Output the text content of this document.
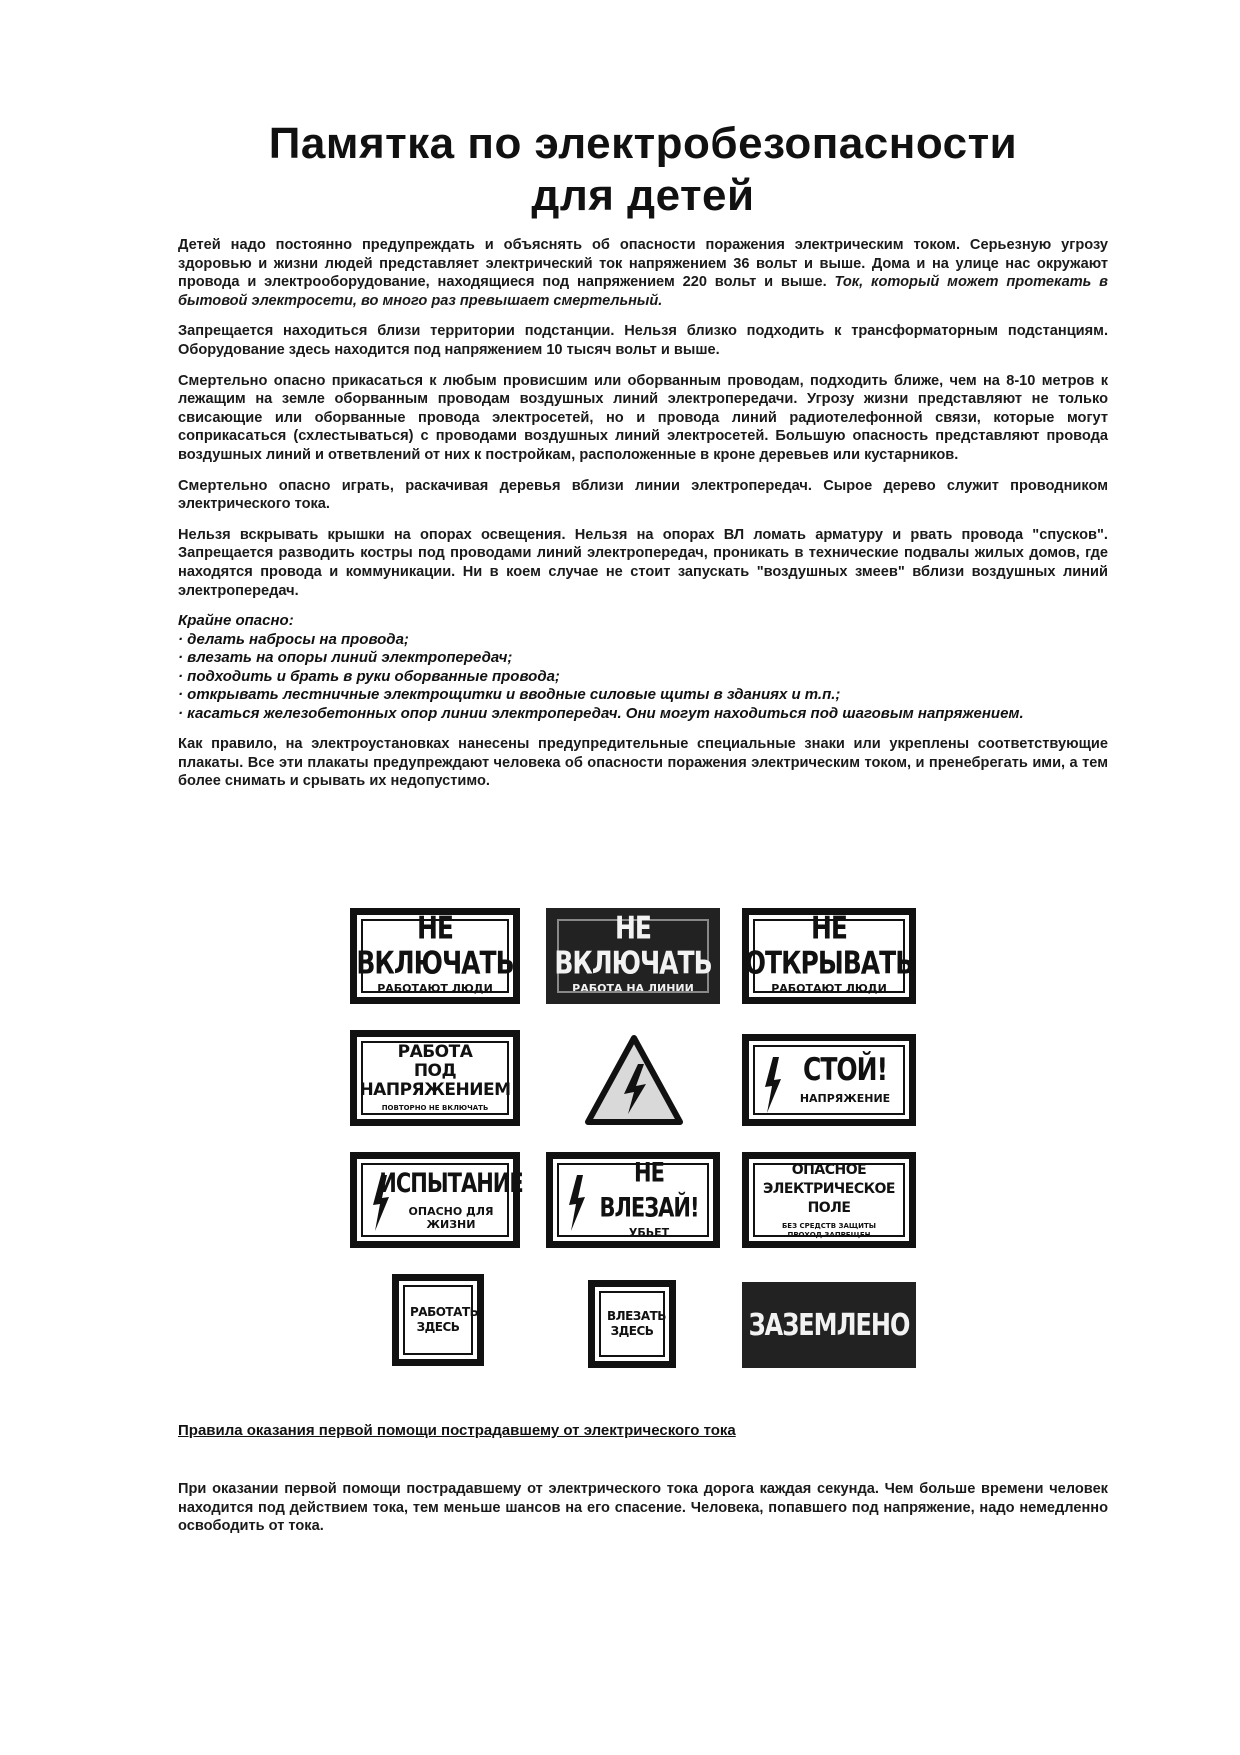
Памятка по электробезопасности
для детей

Детей надо постоянно предупреждать и объяснять об опасности поражения электрическим током. Серьезную угрозу здоровью и жизни людей представляет электрический ток напряжением 36 вольт и выше. Дома и на улице нас окружают провода и электрооборудование, находящиеся под напряжением 220 вольт и выше. Ток, который может протекать в бытовой электросети, во много раз превышает смертельный.

Запрещается находиться близи территории подстанции. Нельзя близко подходить к трансформаторным подстанциям. Оборудование здесь находится под напряжением 10 тысяч вольт и выше.

Смертельно опасно прикасаться к любым провисшим или оборванным проводам, подходить ближе, чем на 8-10 метров к лежащим на земле оборванным проводам воздушных линий электропередачи. Угрозу жизни представляют не только свисающие или оборванные провода электросетей, но и провода линий радиотелефонной связи, которые могут соприкасаться (схлестываться) с проводами воздушных линий электросетей. Большую опасность представляют провода воздушных линий и ответвлений от них к постройкам, расположенные в кроне деревьев или кустарников.

Смертельно опасно играть, раскачивая деревья вблизи линии электропередач. Сырое дерево служит проводником электрического тока.

Нельзя вскрывать крышки на опорах освещения. Нельзя на опорах ВЛ ломать арматуру и рвать провода "спусков". Запрещается разводить костры под проводами линий электропередач, проникать в технические подвалы жилых домов, где находятся провода и коммуникации. Ни в коем случае не стоит запускать "воздушных змеев" вблизи воздушных линий электропередач.

Крайне опасно:

· делать набросы на провода;
· влезать на опоры линий электропередач;
· подходить и брать в руки оборванные провода;
· открывать лестничные электрощитки и вводные силовые щиты в зданиях и т.п.;
· касаться железобетонных опор линии электропередач. Они могут находиться под шаговым напряжением.

Как правило, на электроустановках нанесены предупредительные специальные знаки или укреплены соответствующие плакаты. Все эти плакаты предупреждают человека об опасности поражения электрическим током, и пренебрегать ими, а тем более снимать и срывать их недопустимо.

НЕ ВКЛЮЧАТЬ
РАБОТАЮТ ЛЮДИ
НЕ ВКЛЮЧАТЬ
РАБОТА НА ЛИНИИ
НЕ ОТКРЫВАТЬ
РАБОТАЮТ ЛЮДИ
РАБОТА
ПОД НАПРЯЖЕНИЕМ
ПОВТОРНО НЕ ВКЛЮЧАТЬ
СТОЙ!
НАПРЯЖЕНИЕ
ИСПЫТАНИЕ
ОПАСНО ДЛЯ ЖИЗНИ
НЕ ВЛЕЗАЙ!
УБЬЕТ
ОПАСНОЕ
ЭЛЕКТРИЧЕСКОЕ ПОЛЕ
БЕЗ СРЕДСТВ ЗАЩИТЫ ПРОХОД ЗАПРЕЩЕН
РАБОТАТЬ ЗДЕСЬ
ВЛЕЗАТЬ ЗДЕСЬ	ЗАЗЕМЛЕНО
Правила оказания первой помощи пострадавшему от электрического тока

При оказании первой помощи пострадавшему от электрического тока дорога каждая секунда. Чем больше времени человек находится под действием тока, тем меньше шансов на его спасение. Человека, попавшего под напряжение, надо немедленно освободить от тока.
